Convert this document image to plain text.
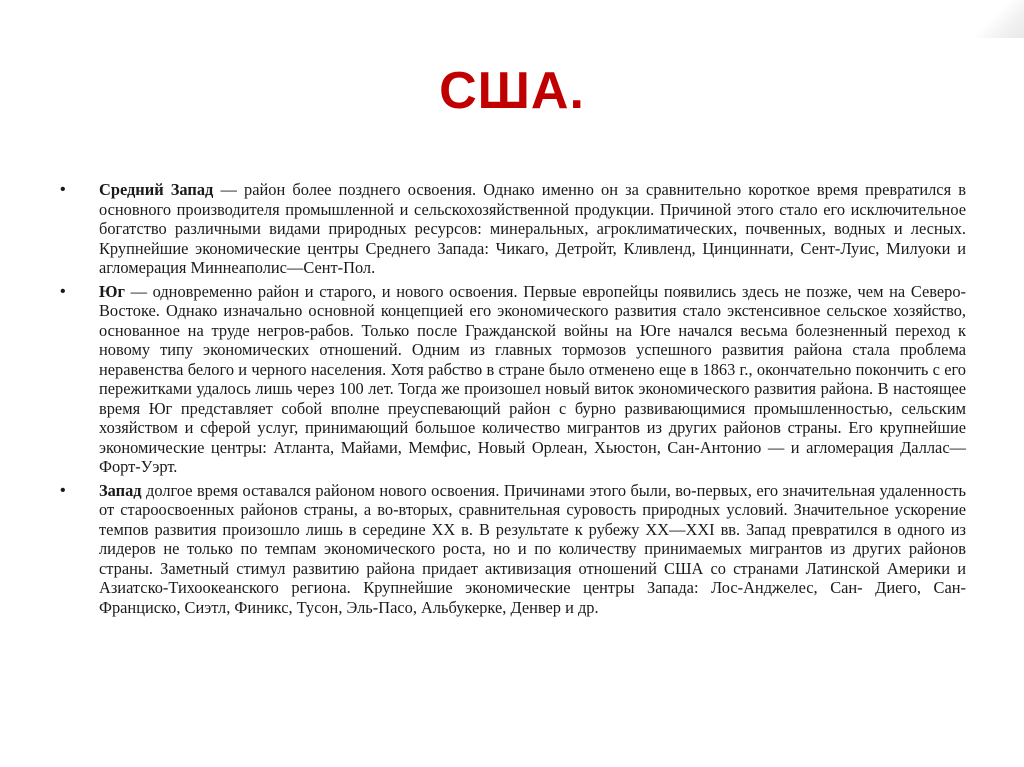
США.
• Средний Запад — район более позднего освоения. Однако именно он за сравнительно короткое время превратился в основного производителя промышленной и сельскохозяйственной продукции. Причиной этого стало его исключительное богатство различными видами природных ресурсов: минеральных, агроклиматических, почвенных, водных и лесных. Крупнейшие экономические центры Среднего Запада: Чикаго, Детройт, Кливленд, Цинциннати, Сент-Луис, Милуоки и агломерация Миннеаполис—Сент-Пол.
• Юг — одновременно район и старого, и нового освоения. Первые европейцы появились здесь не позже, чем на Северо-Востоке. Однако изначально основной концепцией его экономического развития стало экстенсивное сельское хозяйство, основанное на труде негров-рабов. Только после Гражданской войны на Юге начался весьма болезненный переход к новому типу экономических отношений. Одним из главных тормозов успешного развития района стала проблема неравенства белого и черного населения. Хотя рабство в стране было отменено еще в 1863 г., окончательно покончить с его пережитками удалось лишь через 100 лет. Тогда же произошел новый виток экономического развития района. В настоящее время Юг представляет собой вполне преуспевающий район с бурно развивающимися промышленностью, сельским хозяйством и сферой услуг, принимающий большое количество мигрантов из других районов страны. Его крупнейшие экономические центры: Атланта, Майами, Мемфис, Новый Орлеан, Хьюстон, Сан-Антонио — и агломерация Даллас—Форт-Уэрт.
• Запад долгое время оставался районом нового освоения. Причинами этого были, во-первых, его значительная удаленность от староосвоенных районов страны, а во-вторых, сравнительная суровость природных условий. Значительное ускорение темпов развития произошло лишь в середине XX в. В результате к рубежу XX—XXI вв. Запад превратился в одного из лидеров не только по темпам экономического роста, но и по количеству принимаемых мигрантов из других районов страны. Заметный стимул развитию района придает активизация отношений США со странами Латинской Америки и Азиатско-Тихоокеанского региона. Крупнейшие экономические центры Запада: Лос-Анджелес, Сан- Диего, Сан-Франциско, Сиэтл, Финикс, Тусон, Эль-Пасо, Альбукерке, Денвер и др.
